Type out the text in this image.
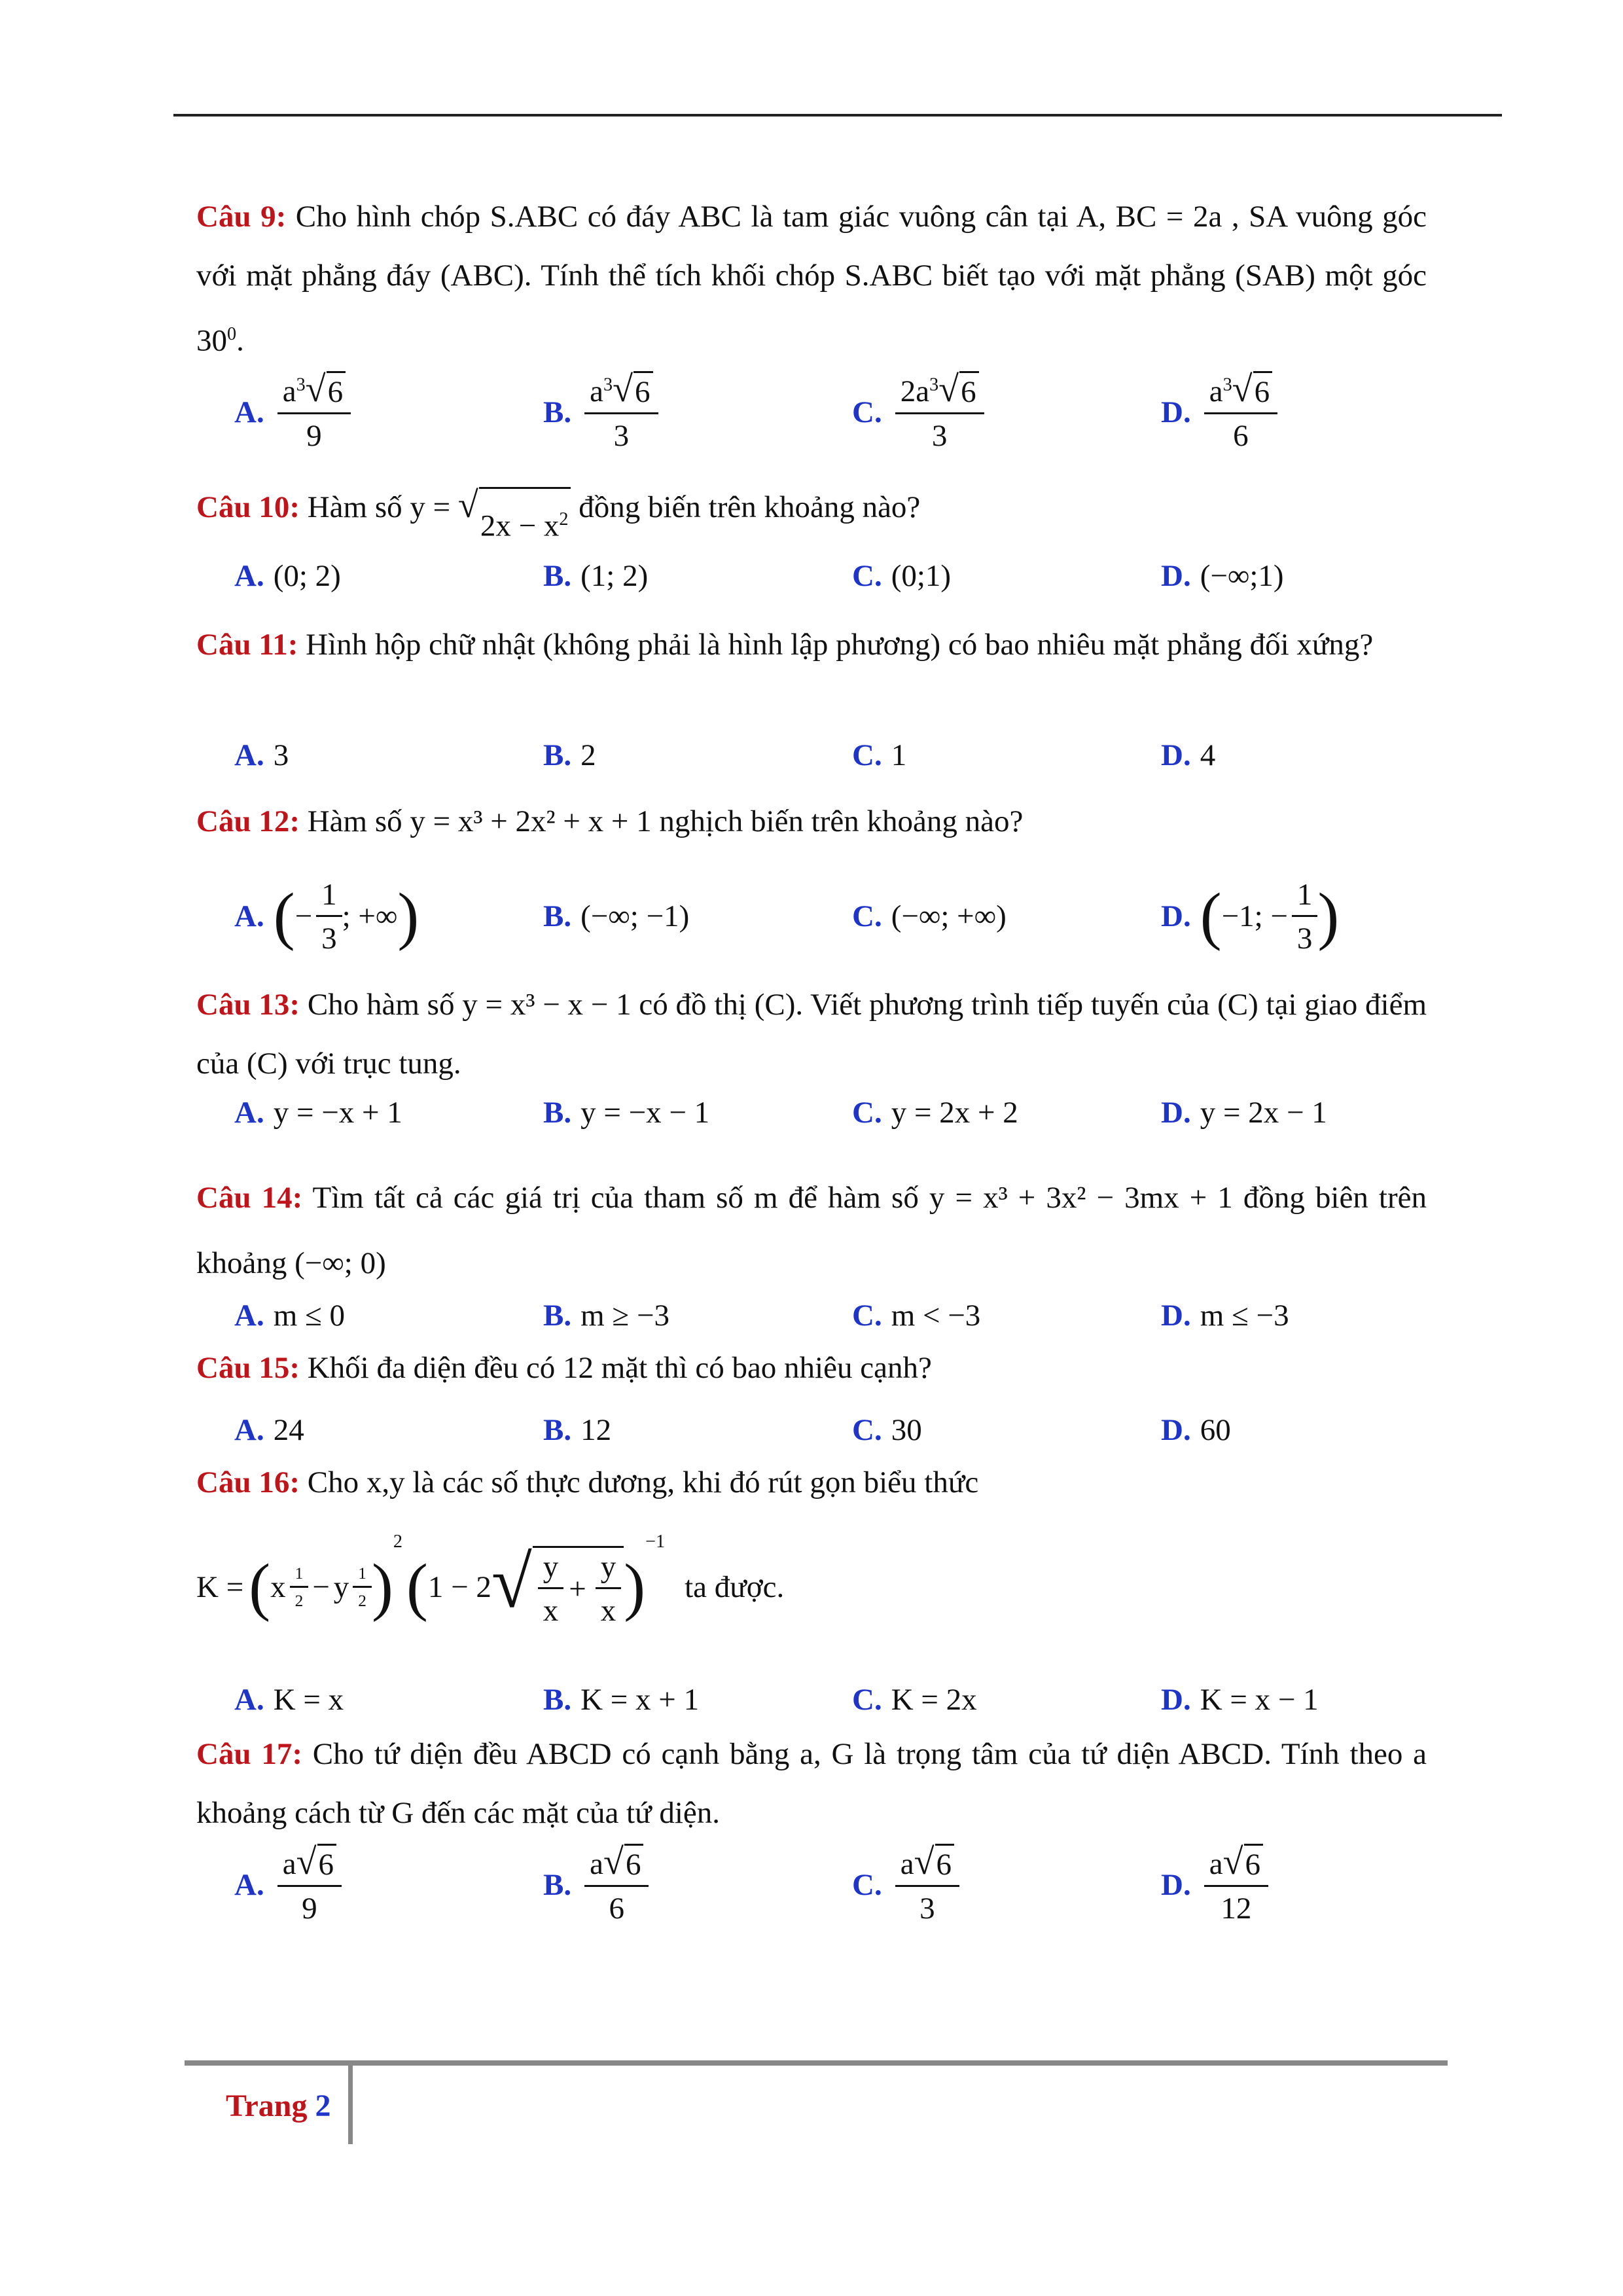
Câu 9: Cho hình chóp S.ABC có đáy ABC là tam giác vuông cân tại A, BC = 2a , SA vuông góc với mặt phẳng đáy (ABC). Tính thể tích khối chóp S.ABC biết tạo với mặt phẳng (SAB) một góc $30^0$.
A. $\frac{a^3 √ 6}{9}$	B. $\frac{a^3 √ 6}{3}$	C. $\frac{2a^3 √ 6}{3}$	D. $\frac{a^3 √ 6}{6}$
Câu 10: Hàm số y = √
$2x - x^2$ đồng biến trên khoảng nào?
A. (0; 2)	B. (1; 2)	C. (0;1)	D. (−∞;1)
Câu 11: Hình hộp chữ nhật (không phải là hình lập phương) có bao nhiêu mặt phẳng đối xứng?
A. 3	B. 2	C. 1	D. 4
Câu 12: Hàm số y = x³ + 2x² + x + 1 nghịch biến trên khoảng nào?
A. ( − $\frac{1}{3}$ ; +∞ )	B. (−∞; −1)	C. (−∞; +∞)	D. ( −1; − $\frac{1}{3}$ )
Câu 13: Cho hàm số y = x³ − x − 1 có đồ thị (C). Viết phương trình tiếp tuyến của (C) tại giao điểm của (C) với trục tung.
A. y = −x + 1	B. y = −x − 1	C. y = 2x + 2	D. y = 2x − 1
Câu 14: Tìm tất cả các giá trị của tham số m để hàm số y = x³ + 3x² − 3mx + 1 đồng biên trên khoảng (−∞; 0)
A. m ≤ 0	B. m ≥ −3	C. m < −3	D. m ≤ −3
Câu 15: Khối đa diện đều có 12 mặt thì có bao nhiêu cạnh?
A. 24	B. 12	C. 30	D. 60
Câu 16: Cho x,y là các số thực dương, khi đó rút gọn biểu thức
K = ( x $\frac{1}{2} - y \frac{1}{2}$ )
2
( 1 − 2 √ $\frac{y}{x} + \frac{y}{x}$ )
−1
ta được.
A. K = x	B. K = x + 1	C. K = 2x	D. K = x − 1
Câu 17: Cho tứ diện đều ABCD có cạnh bằng a, G là trọng tâm của tứ diện ABCD. Tính theo a khoảng cách từ G đến các mặt của tứ diện.
A. $\frac{a √ 6}{9}$	B. $\frac{a √ 6}{6}$	C. $\frac{a √ 6}{3}$	D. $\frac{a √ 6}{12}$
Trang 2
